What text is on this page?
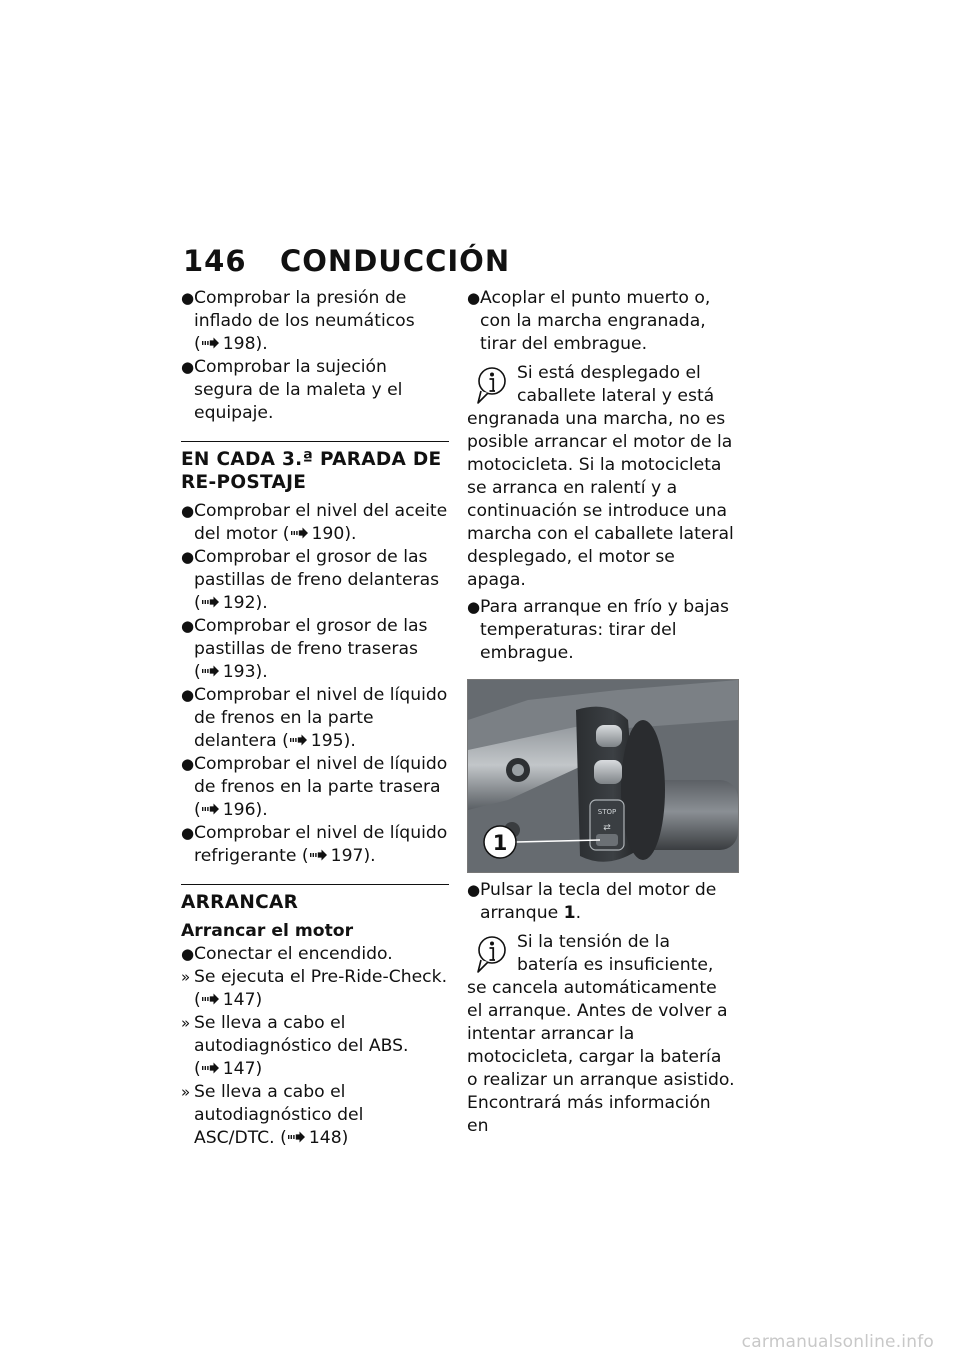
146 CONDUCCIÓN
● Comprobar la presión de inflado de los neumáticos ( 198).
● Comprobar la sujeción segura de la maleta y el equipaje.
EN CADA 3.ª PARADA DE RE-POSTAJE
● Comprobar el nivel del aceite del motor ( 190).
● Comprobar el grosor de las pastillas de freno delanteras ( 192).
● Comprobar el grosor de las pastillas de freno traseras ( 193).
● Comprobar el nivel de líquido de frenos en la parte delantera ( 195).
● Comprobar el nivel de líquido de frenos en la parte trasera ( 196).
● Comprobar el nivel de líquido refrigerante ( 197).
ARRANCAR
Arrancar el motor
● Conectar el encendido.
» Se ejecuta el Pre-Ride-Check. ( 147)
» Se lleva a cabo el autodiagnóstico del ABS. ( 147)
» Se lleva a cabo el autodiagnóstico del ASC/DTC. ( 148)
● Acoplar el punto muerto o, con la marcha engranada, tirar del embrague.
Si está desplegado el caballete lateral y está engranada una marcha, no es posible arrancar el motor de la motocicleta. Si la motocicleta se arranca en ralentí y a continuación se introduce una marcha con el caballete lateral desplegado, el motor se apaga.
● Para arranque en frío y bajas temperaturas: tirar del embrague.
STOP
⇄
1
● Pulsar la tecla del motor de arranque 1.
Si la tensión de la batería es insuficiente, se cancela automáticamente el arranque. Antes de volver a intentar arrancar la motocicleta, cargar la batería o realizar un arranque asistido.
Encontrará más información en
carmanualsonline.info
